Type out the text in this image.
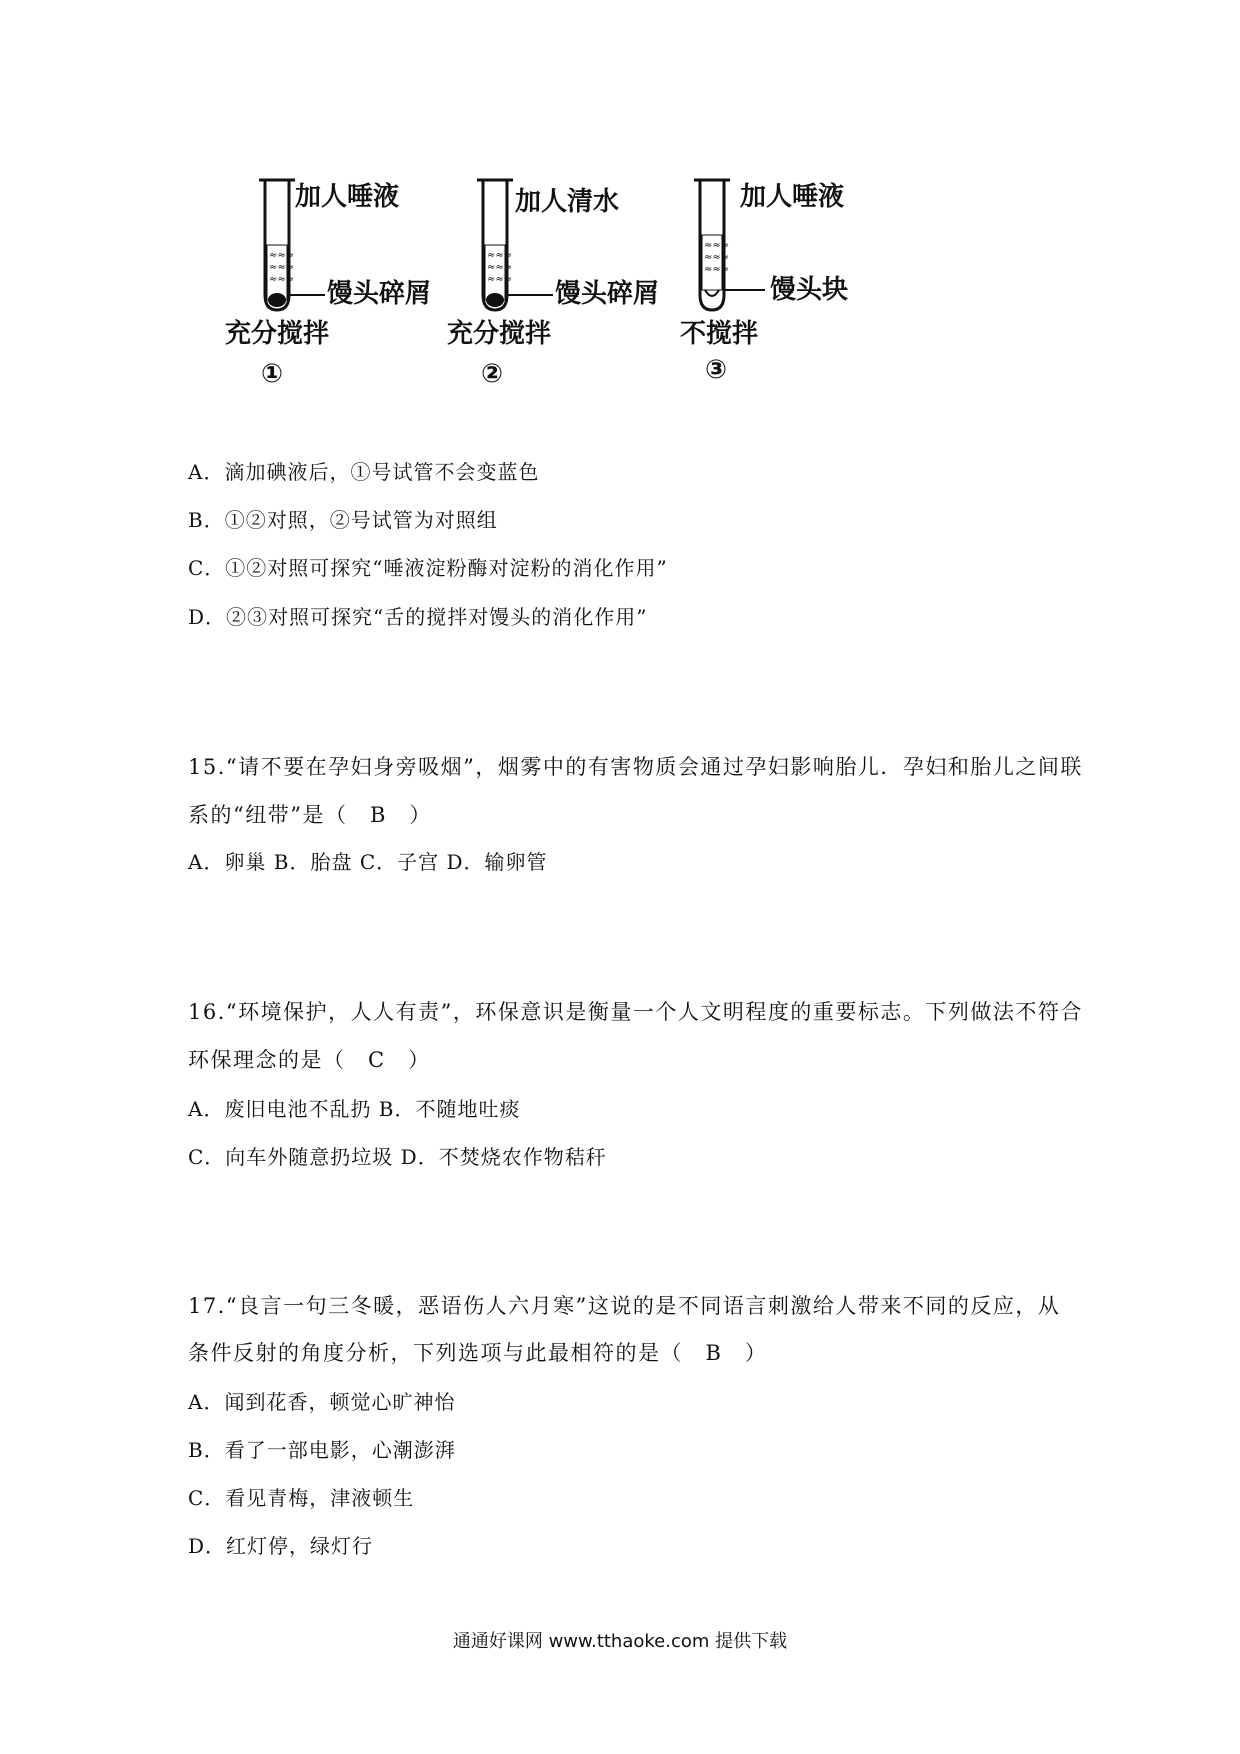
≈≈≈
≈≈≈
≈≈≈
加人唾液
馒头碎屑
充分搅拌
①
≈≈≈
≈≈≈
≈≈≈
加人清水
馒头碎屑
充分搅拌
②
≈≈≈
≈≈≈
≈≈≈
加人唾液
馒头块
不搅拌
③
A．滴加碘液后，①号试管不会变蓝色
B．①②对照，②号试管为对照组
C．①②对照可探究“唾液淀粉酶对淀粉的消化作用”
D．②③对照可探究“舌的搅拌对馒头的消化作用”
15.“请不要在孕妇身旁吸烟”，烟雾中的有害物质会通过孕妇影响胎儿．孕妇和胎儿之间联
系的“纽带”是（　B　）
A．卵巢 B．胎盘 C．子宫 D．输卵管
16.“环境保护，人人有责”，环保意识是衡量一个人文明程度的重要标志。下列做法不符合
环保理念的是（　C　）
A．废旧电池不乱扔 B．不随地吐痰
C．向车外随意扔垃圾 D．不焚烧农作物秸秆
17.“良言一句三冬暖，恶语伤人六月寒”这说的是不同语言刺激给人带来不同的反应，从
条件反射的角度分析，下列选项与此最相符的是（　B　）
A．闻到花香，顿觉心旷神怡
B．看了一部电影，心潮澎湃
C．看见青梅，津液顿生
D．红灯停，绿灯行
通通好课网 www.tthaoke.com 提供下载
